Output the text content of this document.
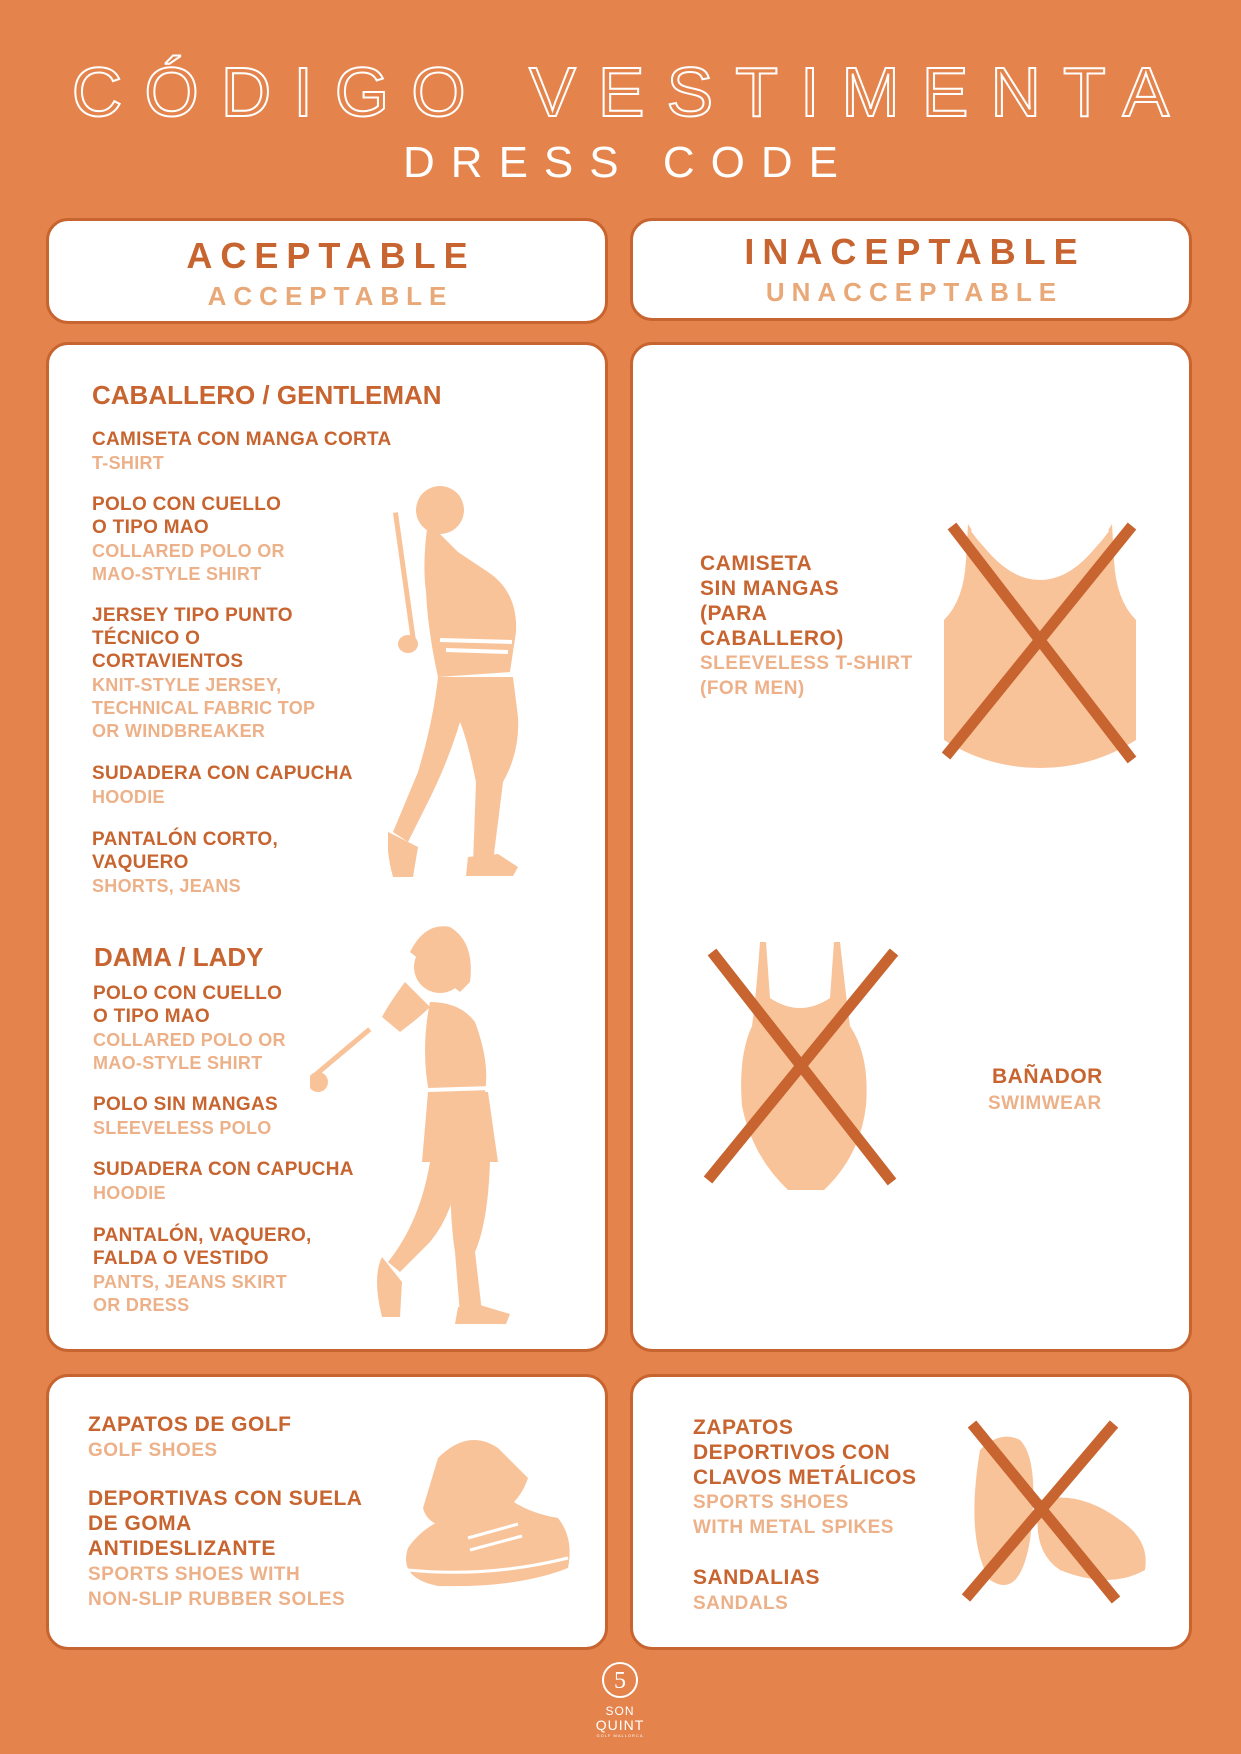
CÓDIGO VESTIMENTA
DRESS CODE
ACEPTABLE
ACCEPTABLE
INACEPTABLE
UNACCEPTABLE
CABALLERO / GENTLEMAN
CAMISETA CON MANGA CORTA
T-SHIRT
POLO CON CUELLO
O TIPO MAO
COLLARED POLO OR
MAO-STYLE SHIRT
JERSEY TIPO PUNTO
TÉCNICO O
CORTAVIENTOS
KNIT-STYLE JERSEY,
TECHNICAL FABRIC TOP
OR WINDBREAKER
SUDADERA CON CAPUCHA
HOODIE
PANTALÓN CORTO,
VAQUERO
SHORTS, JEANS
DAMA / LADY
POLO CON CUELLO
O TIPO MAO
COLLARED POLO OR
MAO-STYLE SHIRT
POLO SIN MANGAS
SLEEVELESS POLO
SUDADERA CON CAPUCHA
HOODIE
PANTALÓN, VAQUERO,
FALDA O VESTIDO
PANTS, JEANS SKIRT
OR DRESS
CAMISETA
SIN MANGAS
(PARA
CABALLERO)
SLEEVELESS T-SHIRT
(FOR MEN)
BAÑADOR
SWIMWEAR
ZAPATOS DE GOLF
GOLF SHOES
DEPORTIVAS CON SUELA
DE GOMA
ANTIDESLIZANTE
SPORTS SHOES WITH
NON-SLIP RUBBER SOLES
ZAPATOS
DEPORTIVOS CON
CLAVOS METÁLICOS
SPORTS SHOES
WITH METAL SPIKES
SANDALIAS
SANDALS
5
SON
QUINT
GOLF MALLORCA
